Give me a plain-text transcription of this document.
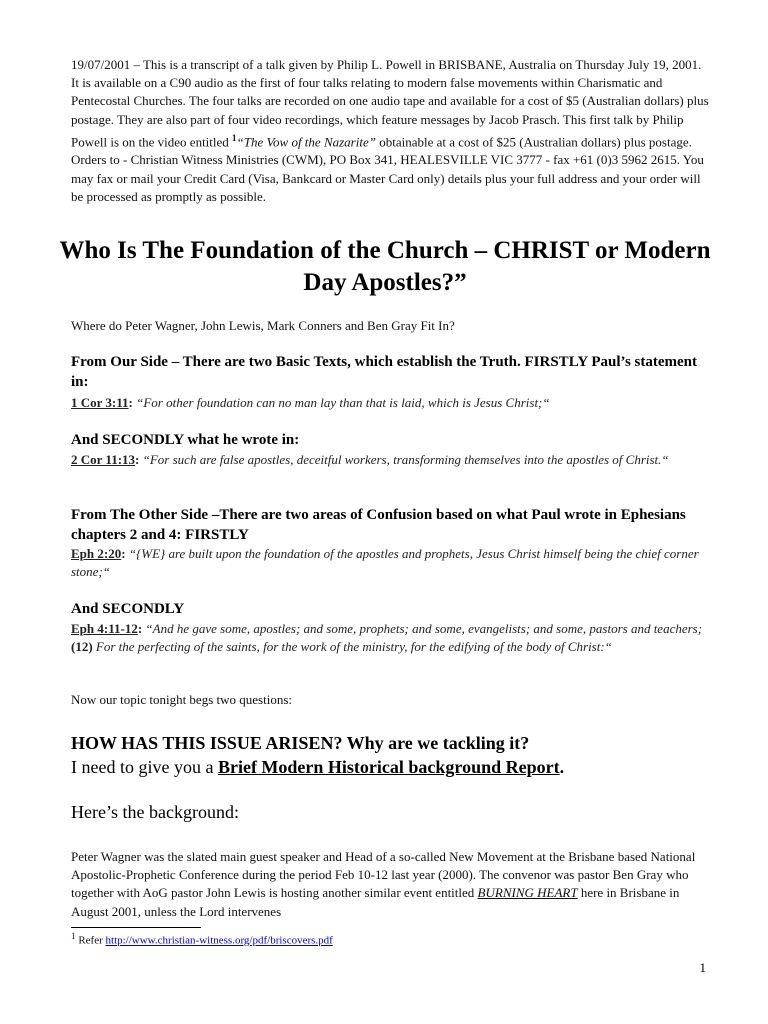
19/07/2001 – This is a transcript of a talk given by Philip L. Powell in BRISBANE, Australia on Thursday July 19, 2001. It is available on a C90 audio as the first of four talks relating to modern false movements within Charismatic and Pentecostal Churches. The four talks are recorded on one audio tape and available for a cost of $5 (Australian dollars) plus postage. They are also part of four video recordings, which feature messages by Jacob Prasch. This first talk by Philip Powell is on the video entitled $^1$“The Vow of the Nazarite” obtainable at a cost of $25 (Australian dollars) plus postage. Orders to - Christian Witness Ministries (CWM), PO Box 341, HEALESVILLE VIC 3777 - fax +61 (0)3 5962 2615. You may fax or mail your Credit Card (Visa, Bankcard or Master Card only) details plus your full address and your order will be processed as promptly as possible.
Who Is The Foundation of the Church – CHRIST or Modern Day Apostles?”
Where do Peter Wagner, John Lewis, Mark Conners and Ben Gray Fit In?
From Our Side – There are two Basic Texts, which establish the Truth. FIRSTLY Paul’s statement in:
1 Cor 3:11: “For other foundation can no man lay than that is laid, which is Jesus Christ;“
And SECONDLY what he wrote in:
2 Cor 11:13: “For such are false apostles, deceitful workers, transforming themselves into the apostles of Christ.“
From The Other Side –There are two areas of Confusion based on what Paul wrote in Ephesians chapters 2 and 4: FIRSTLY
Eph 2:20: “{WE} are built upon the foundation of the apostles and prophets, Jesus Christ himself being the chief corner stone;“
And SECONDLY
Eph 4:11-12: “And he gave some, apostles; and some, prophets; and some, evangelists; and some, pastors and teachers; (12) For the perfecting of the saints, for the work of the ministry, for the edifying of the body of Christ:“
Now our topic tonight begs two questions:
HOW HAS THIS ISSUE ARISEN? Why are we tackling it?
I need to give you a Brief Modern Historical background Report.
Here’s the background:
Peter Wagner was the slated main guest speaker and Head of a so-called New Movement at the Brisbane based National Apostolic-Prophetic Conference during the period Feb 10-12 last year (2000). The convenor was pastor Ben Gray who together with AoG pastor John Lewis is hosting another similar event entitled BURNING HEART here in Brisbane in August 2001, unless the Lord intervenes
$^1$ Refer http://www.christian-witness.org/pdf/briscovers.pdf
1
